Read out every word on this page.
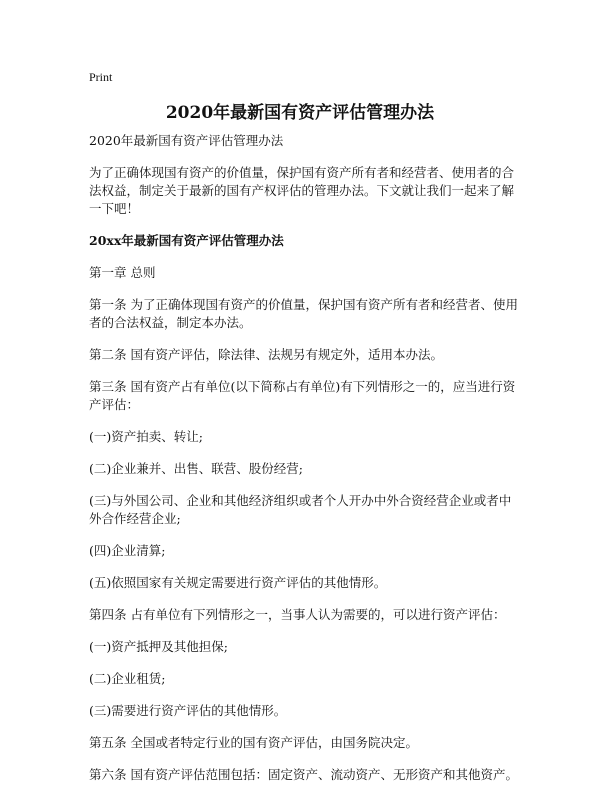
Print
2020年最新国有资产评估管理办法

2020年最新国有资产评估管理办法

为了正确体现国有资产的价值量，保护国有资产所有者和经营者、使用者的合法权益，制定关于最新的国有产权评估的管理办法。下文就让我们一起来了解一下吧！

20xx年最新国有资产评估管理办法

第一章 总则

第一条 为了正确体现国有资产的价值量，保护国有资产所有者和经营者、使用者的合法权益，制定本办法。

第二条 国有资产评估，除法律、法规另有规定外，适用本办法。

第三条 国有资产占有单位(以下简称占有单位)有下列情形之一的，应当进行资产评估：

(一)资产拍卖、转让;

(二)企业兼并、出售、联营、股份经营;

(三)与外国公司、企业和其他经济组织或者个人开办中外合资经营企业或者中外合作经营企业;

(四)企业清算;

(五)依照国家有关规定需要进行资产评估的其他情形。

第四条 占有单位有下列情形之一，当事人认为需要的，可以进行资产评估：

(一)资产抵押及其他担保;

(二)企业租赁;

(三)需要进行资产评估的其他情形。

第五条 全国或者特定行业的国有资产评估，由国务院决定。

第六条 国有资产评估范围包括：固定资产、流动资产、无形资产和其他资产。
